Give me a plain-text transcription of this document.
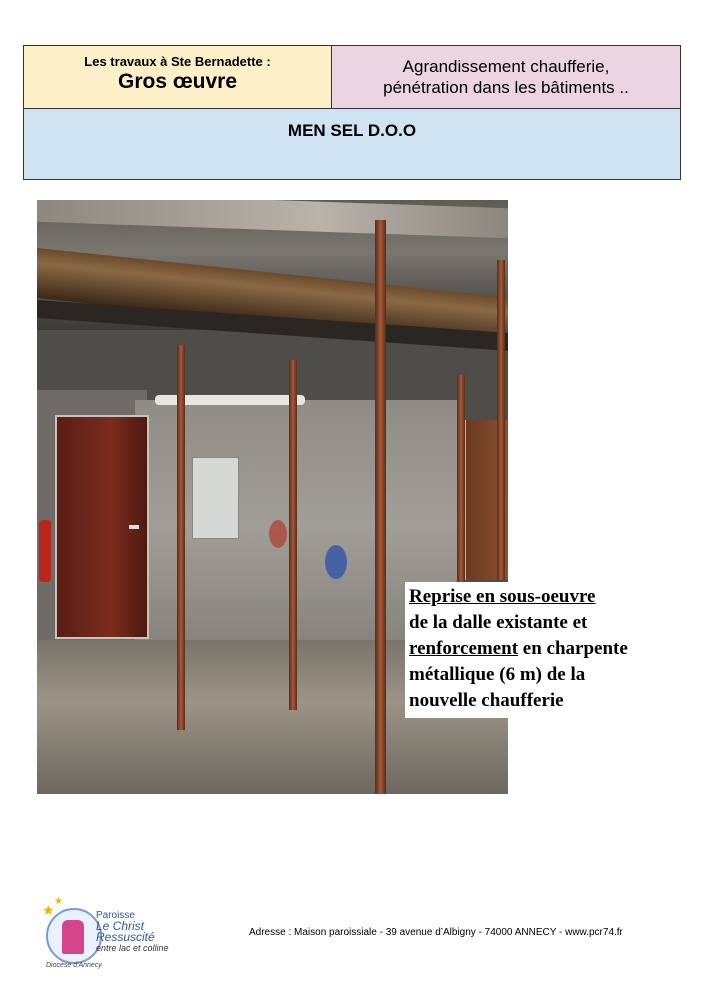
Les travaux à Ste Bernadette :
Gros œuvre
Agrandissement chaufferie,
pénétration dans les bâtiments ..
MEN SEL D.O.O
Reprise en sous-oeuvre
de la dalle existante et
renforcement en charpente
métallique (6 m) de la
nouvelle chaufferie
★
★
Paroisse
Le Christ Ressuscité
entre lac et colline
Diocèse d'Annecy
Adresse : Maison paroissiale - 39 avenue d’Albigny - 74000 ANNECY - www.pcr74.fr
